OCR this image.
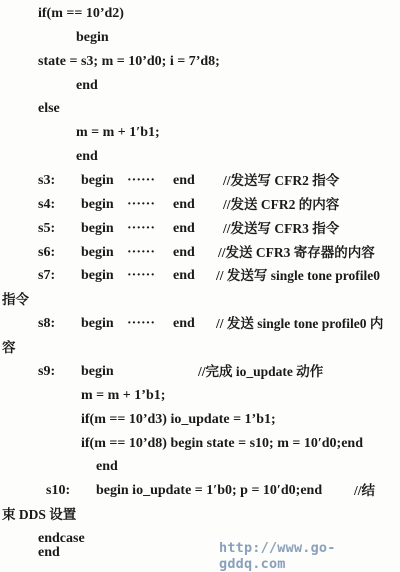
if(m == 10’d2)
begin
state = s3; m = 10’d0; i = 7’d8;
end
else
m = m + 1′b1;
end
s3: begin ······ end //发送写 CFR2 指令
s4: begin ······ end //发送 CFR2 的内容
s5: begin ······ end //发送写 CFR3 指令
s6: begin ······ end //发送 CFR3 寄存器的内容
s7: begin ······ end // 发送写 single tone profile0
指令
s8: begin ······ end // 发送 single tone profile0 内
容
s9: begin	//完成 io_update 动作
m = m + 1’b1;
if(m == 10’d3) io_update = 1’b1;
if(m == 10’d8) begin state = s10; m = 10′d0;end
end
s10: begin io_update = 1′b0; p = 10′d0;end //结
束 DDS 设置
endcase
end	http://www.go-gddq.com
